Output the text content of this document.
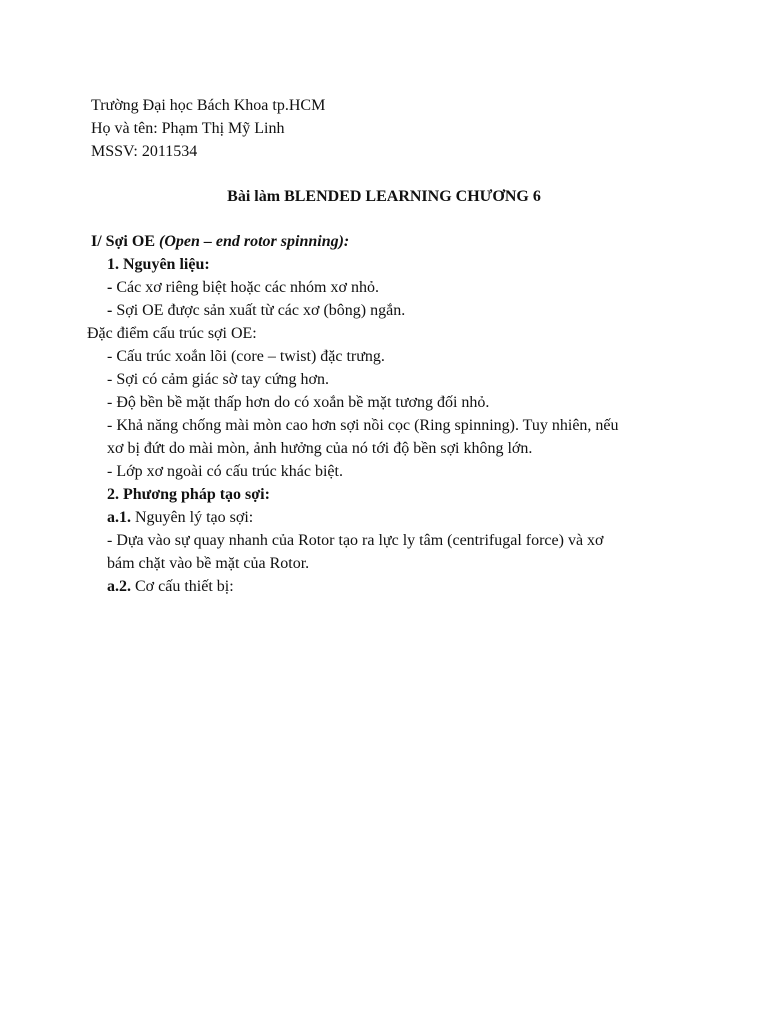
Trường Đại học Bách Khoa tp.HCM
Họ và tên: Phạm Thị Mỹ Linh
MSSV: 2011534
Bài làm BLENDED LEARNING CHƯƠNG 6
I/ Sợi OE (Open – end rotor spinning):
1. Nguyên liệu:
- Các xơ riêng biệt hoặc các nhóm xơ nhỏ.
- Sợi OE được sản xuất từ các xơ (bông) ngắn.
Đặc điểm cấu trúc sợi OE:
- Cấu trúc xoắn lõi (core – twist) đặc trưng.
- Sợi có cảm giác sờ tay cứng hơn.
- Độ bền bề mặt thấp hơn do có xoắn bề mặt tương đối nhỏ.
- Khả năng chống mài mòn cao hơn sợi nồi cọc (Ring spinning). Tuy nhiên, nếu
xơ bị đứt do mài mòn, ảnh hưởng của nó tới độ bền sợi không lớn.
- Lớp xơ ngoài có cấu trúc khác biệt.
2. Phương pháp tạo sợi:
a.1. Nguyên lý tạo sợi:
- Dựa vào sự quay nhanh của Rotor tạo ra lực ly tâm (centrifugal force) và xơ
bám chặt vào bề mặt của Rotor.
a.2. Cơ cấu thiết bị:
